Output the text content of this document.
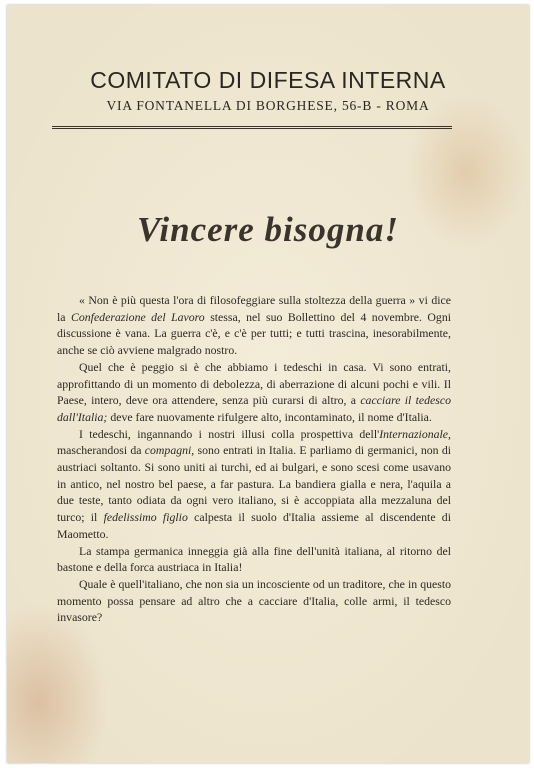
COMITATO DI DIFESA INTERNA
VIA FONTANELLA DI BORGHESE, 56-B - ROMA
Vincere bisogna!

« Non è più questa l'ora di filosofeggiare sulla stoltezza della guerra » vi dice la Confederazione del Lavoro stessa, nel suo Bollettino del 4 novembre. Ogni discussione è vana. La guerra c'è, e c'è per tutti; e tutti trascina, inesorabilmente, anche se ciò avviene malgrado nostro.

Quel che è peggio si è che abbiamo i tedeschi in casa. Vi sono entrati, approfittando di un momento di debolezza, di aberrazione di alcuni pochi e vili. Il Paese, intero, deve ora attendere, senza più curarsi di altro, a cacciare il tedesco dall'Italia; deve fare nuovamente rifulgere alto, incontaminato, il nome d'Italia.

I tedeschi, ingannando i nostri illusi colla prospettiva dell'Internazionale, mascherandosi da compagni, sono entrati in Italia. E parliamo di germanici, non di austriaci soltanto. Si sono uniti ai turchi, ed ai bulgari, e sono scesi come usavano in antico, nel nostro bel paese, a far pastura. La bandiera gialla e nera, l'aquila a due teste, tanto odiata da ogni vero italiano, si è accoppiata alla mezzaluna del turco; il fedelissimo figlio calpesta il suolo d'Italia assieme al discendente di Maometto.

La stampa germanica inneggia già alla fine dell'unità italiana, al ritorno del bastone e della forca austriaca in Italia!

Quale è quell'italiano, che non sia un incosciente od un traditore, che in questo momento possa pensare ad altro che a cacciare d'Italia, colle armi, il tedesco invasore?
